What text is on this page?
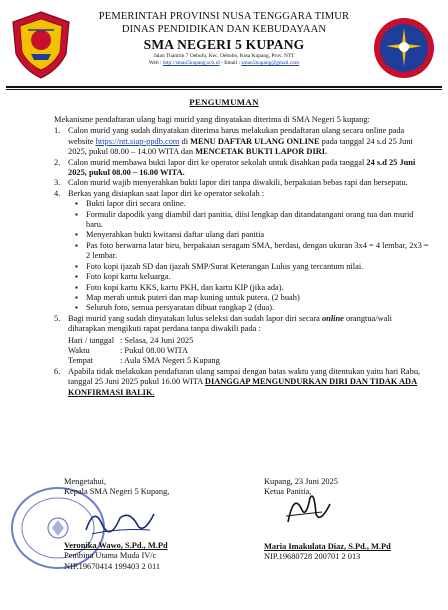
PEMERINTAH PROVINSI NUSA TENGGARA TIMUR
DINAS PENDIDIKAN DAN KEBUDAYAAN
SMA NEGERI 5 KUPANG
Jalan Thamrin 7 Oebufu, Kec. Oebobo, Kota Kupang, Prov. NTT
Web : http://sman5kupang.sch.id - Email : sman5kupang@gmail.com
PENGUMUMAN

Mekanisme pendaftaran ulang bagi murid yang dinyatakan diterima di SMA Negeri 5 kupang:

1. Calon murid yang sudah dinyatakan diterima harus melakukan pendaftaran ulang secara online pada website https://ntt.siap-ppdb.com di MENU DAFTAR ULANG ONLINE pada tanggal 24 s.d 25 Juni 2025, pukul 08.00 – 14.00 WITA dan MENCETAK BUKTI LAPOR DIRI.
2. Calon murid membawa bukti lapor diri ke operator sekolah untuk disahkan pada tanggal 24 s.d 25 Juni 2025, pukul 08.00 – 16.00 WITA.
3. Calon murid wajib menyerahkan bukti lapor diri tanpa diwakili, berpakaian bebas rapi dan bersepatu.
4. Berkas yang disiapkan saat lapor diri ke operator sekolah :
▪ Bukti lapor diri secara online.
▪ Formulir dapodik yang diambil dari panitia, diisi lengkap dan ditandatangani orang tua dan murid baru.
▪ Menyerahkan bukti kwitansi daftar ulang dari panitia
▪ Pas foto berwarna latar biru, berpakaian seragam SMA, berdasi, dengan ukuran 3x4 = 4 lembar, 2x3 = 2 lembar.
▪ Foto kopi ijazah SD dan ijazah SMP/Surat Keterangan Lulus yang tercantum nilai.
▪ Foto kopi kartu keluarga.
▪ Foto kopi kartu KKS, kartu PKH, dan kartu KIP (jika ada).
▪ Map merah untuk puteri dan map kuning untuk putera. (2 buah)
▪ Seluruh foto, semua persyaratan dibuat rangkap 2 (dua).
5. Bagi murid yang sudah dinyatakan lulus seleksi dan sudah lapor diri secara online orangtua/wali diharapkan mengikuti rapat perdana tanpa diwakili pada :
Hari / tanggal : Selasa, 24 Juni 2025
Waktu	: Pukul 08.00 WITA
Tempat	: Aula SMA Negeri 5 Kupang
6. Apabila tidak melakukan pendaftaran ulang sampai dengan batas waktu yang ditentukan yaitu hari Rabu, tanggal 25 Juni 2025 pukul 16.00 WITA DIANGGAP MENGUNDURKAN DIRI DAN TIDAK ADA KONFIRMASI BALIK.
Mengetahui,
Kepala SMA Negeri 5 Kupang,
Veronika Wawo, S.Pd., M.Pd
Pembina Utama Muda IV/c
NIP.19670414 199403 2 011
Kupang, 23 Juni 2025
Ketua Panitia,
Maria Imakulata Diaz, S.Pd., M.Pd
NIP.19680728 200701 2 013
